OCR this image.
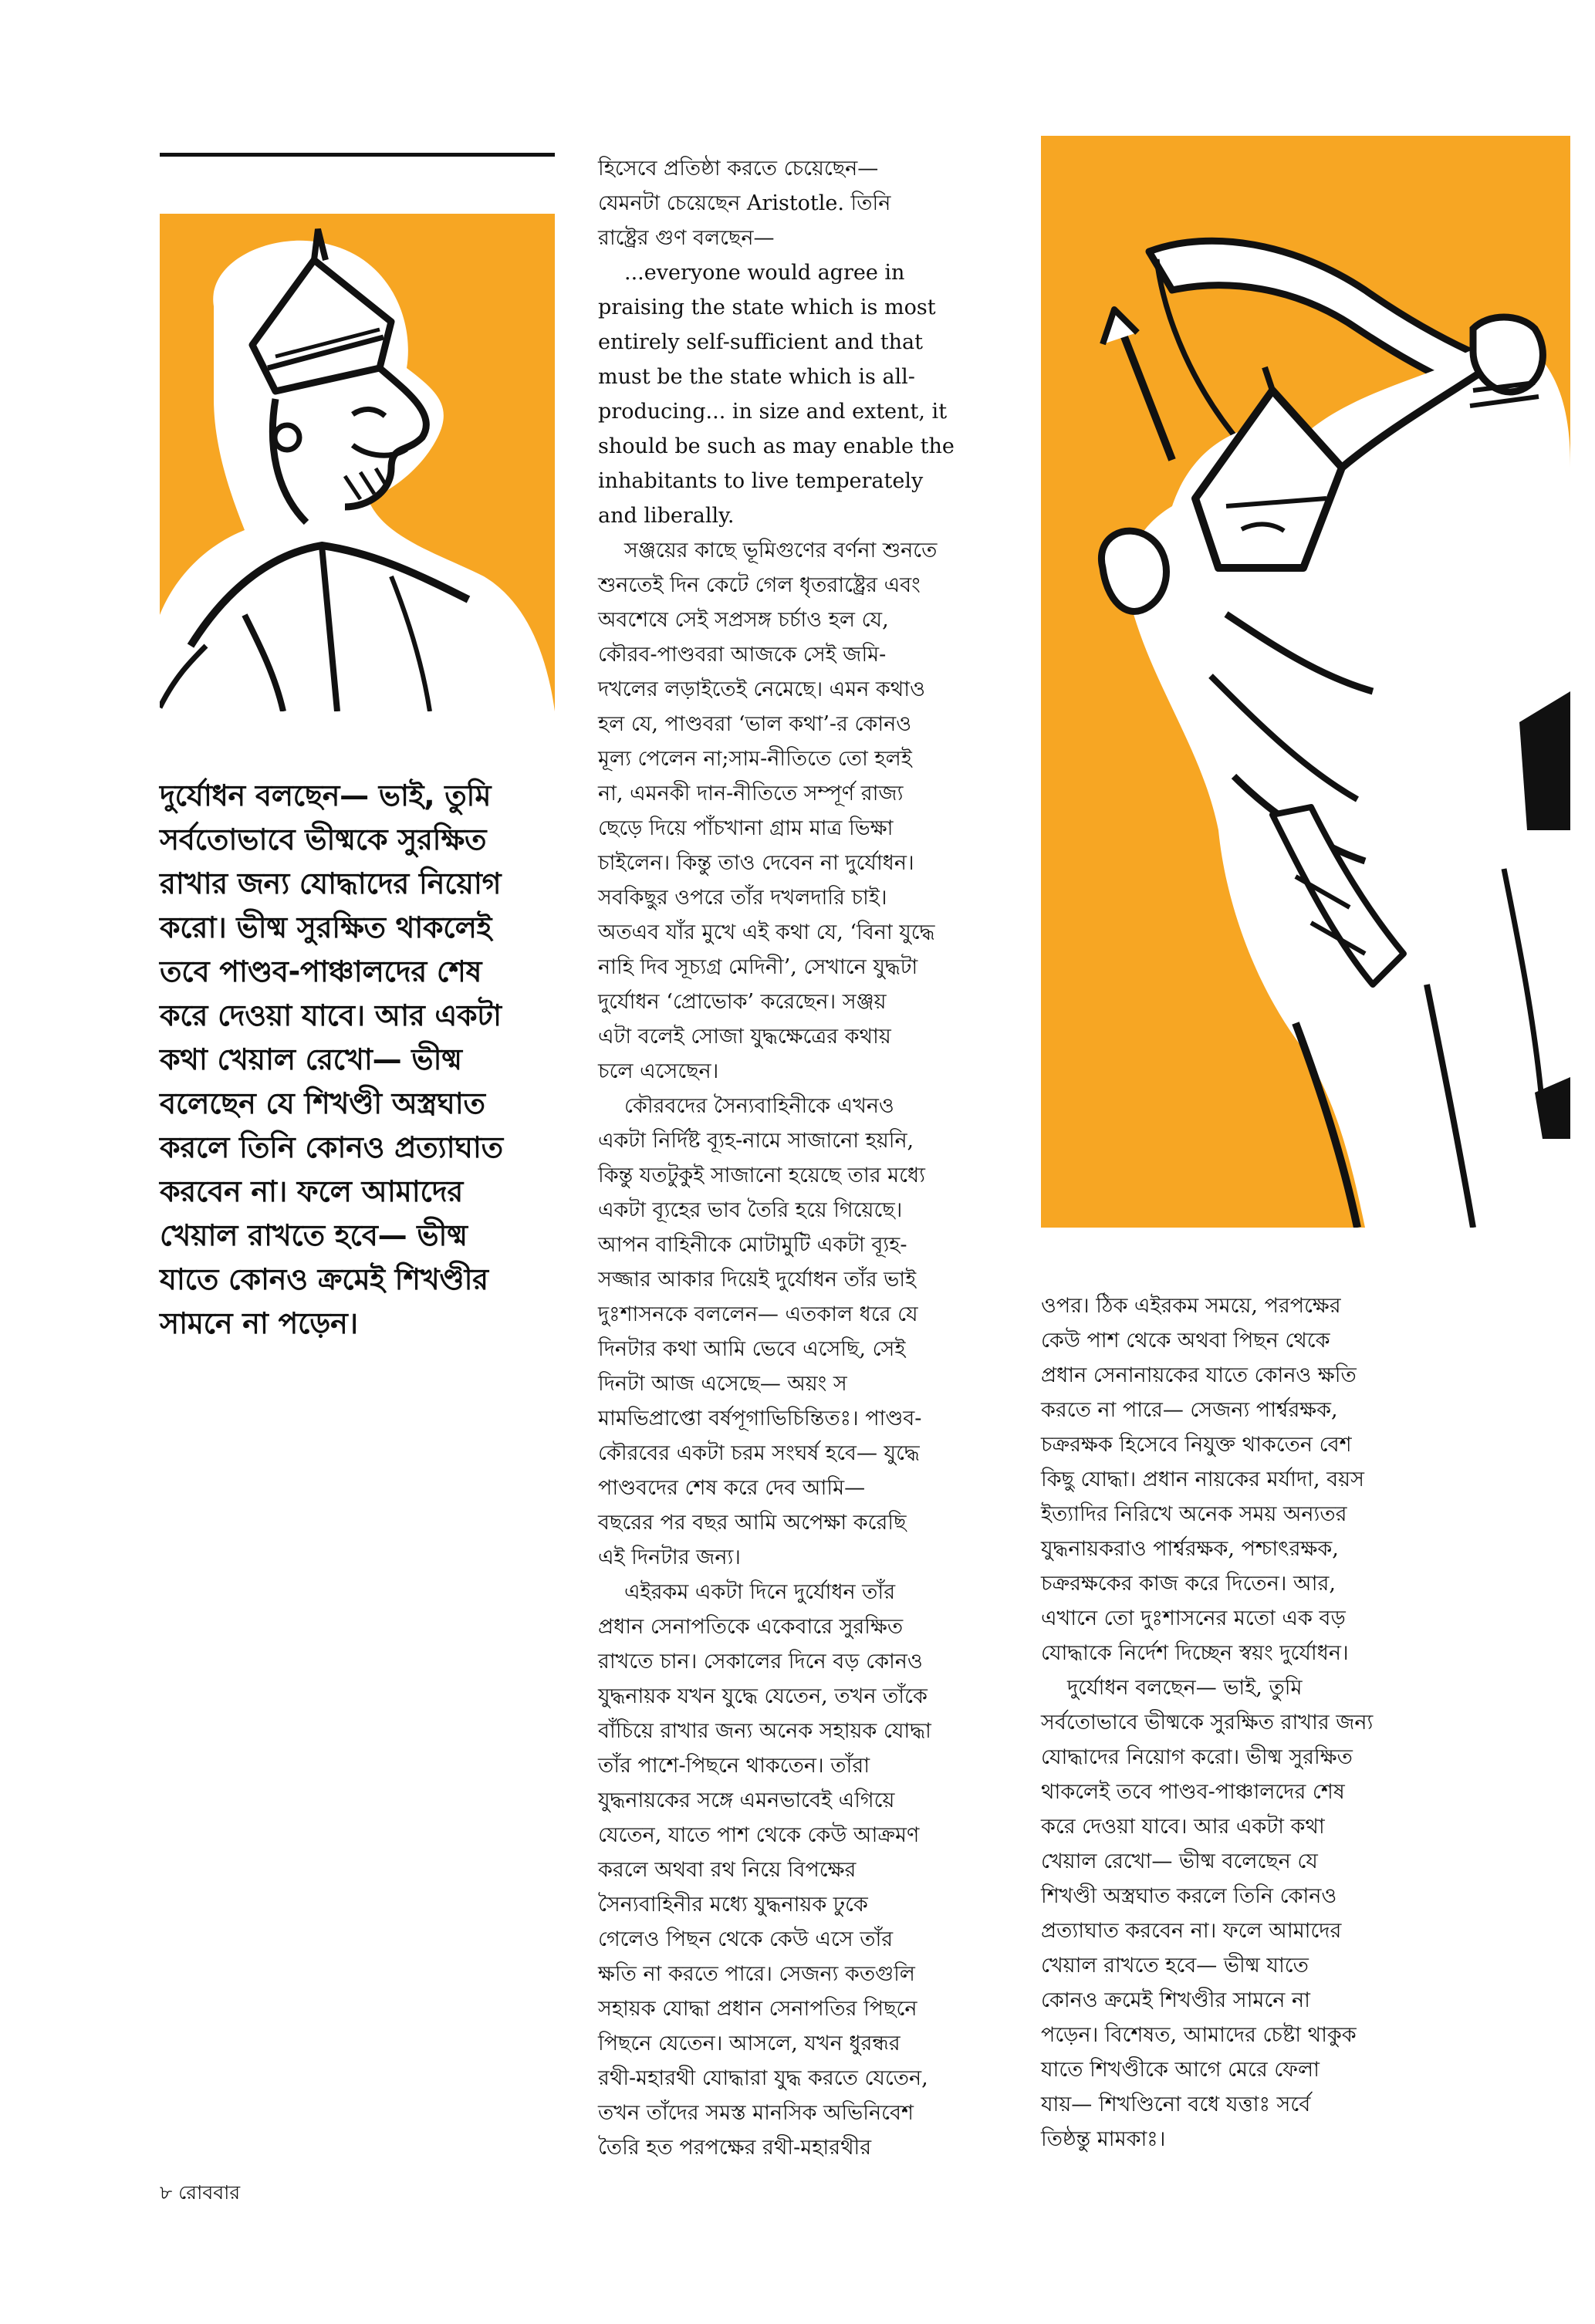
দুর্যোধন বলছেন— ভাই, তুমি
সর্বতোভাবে ভীষ্মকে সুরক্ষিত
রাখার জন্য যোদ্ধাদের নিয়োগ
করো। ভীষ্ম সুরক্ষিত থাকলেই
তবে পাণ্ডব-পাঞ্চালদের শেষ
করে দেওয়া যাবে। আর একটা
কথা খেয়াল রেখো— ভীষ্ম
বলেছেন যে শিখণ্ডী অস্ত্রঘাত
করলে তিনি কোনও প্রত্যাঘাত
করবেন না। ফলে আমাদের
খেয়াল রাখতে হবে— ভীষ্ম
যাতে কোনও ক্রমেই শিখণ্ডীর
সামনে না পড়েন।
হিসেবে প্রতিষ্ঠা করতে চেয়েছেন—
যেমনটা চেয়েছেন Aristotle. তিনি
রাষ্ট্রের গুণ বলছেন—
...everyone would agree in
praising the state which is most
entirely self-sufficient and that
must be the state which is all-
producing... in size and extent, it
should be such as may enable the
inhabitants to live temperately
and liberally.
সঞ্জয়ের কাছে ভূমিগুণের বর্ণনা শুনতে
শুনতেই দিন কেটে গেল ধৃতরাষ্ট্রের এবং
অবশেষে সেই সপ্রসঙ্গ চর্চাও হল যে,
কৌরব-পাণ্ডবরা আজকে সেই জমি-
দখলের লড়াইতেই নেমেছে। এমন কথাও
হল যে, পাণ্ডবরা ‘ভাল কথা’-র কোনও
মূল্য পেলেন না;সাম-নীতিতে তো হলই
না, এমনকী দান-নীতিতে সম্পূর্ণ রাজ্য
ছেড়ে দিয়ে পাঁচখানা গ্রাম মাত্র ভিক্ষা
চাইলেন। কিন্তু তাও দেবেন না দুর্যোধন।
সবকিছুর ওপরে তাঁর দখলদারি চাই।
অতএব যাঁর মুখে এই কথা যে, ‘বিনা যুদ্ধে
নাহি দিব সূচ্যগ্র মেদিনী’, সেখানে যুদ্ধটা
দুর্যোধন ‘প্রোভোক’ করেছেন। সঞ্জয়
এটা বলেই সোজা যুদ্ধক্ষেত্রের কথায়
চলে এসেছেন।
কৌরবদের সৈন্যবাহিনীকে এখনও
একটা নির্দিষ্ট ব্যূহ-নামে সাজানো হয়নি,
কিন্তু যতটুকুই সাজানো হয়েছে তার মধ্যে
একটা ব্যূহের ভাব তৈরি হয়ে গিয়েছে।
আপন বাহিনীকে মোটামুটি একটা ব্যূহ-
সজ্জার আকার দিয়েই দুর্যোধন তাঁর ভাই
দুঃশাসনকে বললেন— এতকাল ধরে যে
দিনটার কথা আমি ভেবে এসেছি, সেই
দিনটা আজ এসেছে— অয়ং স
মামভিপ্রাপ্তো বর্ষপূগাভিচিন্তিতঃ। পাণ্ডব-
কৌরবের একটা চরম সংঘর্ষ হবে— যুদ্ধে
পাণ্ডবদের শেষ করে দেব আমি—
বছরের পর বছর আমি অপেক্ষা করেছি
এই দিনটার জন্য।
এইরকম একটা দিনে দুর্যোধন তাঁর
প্রধান সেনাপতিকে একেবারে সুরক্ষিত
রাখতে চান। সেকালের দিনে বড় কোনও
যুদ্ধনায়ক যখন যুদ্ধে যেতেন, তখন তাঁকে
বাঁচিয়ে রাখার জন্য অনেক সহায়ক যোদ্ধা
তাঁর পাশে-পিছনে থাকতেন। তাঁরা
যুদ্ধনায়কের সঙ্গে এমনভাবেই এগিয়ে
যেতেন, যাতে পাশ থেকে কেউ আক্রমণ
করলে অথবা রথ নিয়ে বিপক্ষের
সৈন্যবাহিনীর মধ্যে যুদ্ধনায়ক ঢুকে
গেলেও পিছন থেকে কেউ এসে তাঁর
ক্ষতি না করতে পারে। সেজন্য কতগুলি
সহায়ক যোদ্ধা প্রধান সেনাপতির পিছনে
পিছনে যেতেন। আসলে, যখন ধুরন্ধর
রথী-মহারথী যোদ্ধারা যুদ্ধ করতে যেতেন,
তখন তাঁদের সমস্ত মানসিক অভিনিবেশ
তৈরি হত পরপক্ষের রথী-মহারথীর
ওপর। ঠিক এইরকম সময়ে, পরপক্ষের
কেউ পাশ থেকে অথবা পিছন থেকে
প্রধান সেনানায়কের যাতে কোনও ক্ষতি
করতে না পারে— সেজন্য পার্শ্বরক্ষক,
চক্ররক্ষক হিসেবে নিযুক্ত থাকতেন বেশ
কিছু যোদ্ধা। প্রধান নায়কের মর্যাদা, বয়স
ইত্যাদির নিরিখে অনেক সময় অন্যতর
যুদ্ধনায়করাও পার্শ্বরক্ষক, পশ্চাৎরক্ষক,
চক্ররক্ষকের কাজ করে দিতেন। আর,
এখানে তো দুঃশাসনের মতো এক বড়
যোদ্ধাকে নির্দেশ দিচ্ছেন স্বয়ং দুর্যোধন।
দুর্যোধন বলছেন— ভাই, তুমি
সর্বতোভাবে ভীষ্মকে সুরক্ষিত রাখার জন্য
যোদ্ধাদের নিয়োগ করো। ভীষ্ম সুরক্ষিত
থাকলেই তবে পাণ্ডব-পাঞ্চালদের শেষ
করে দেওয়া যাবে। আর একটা কথা
খেয়াল রেখো— ভীষ্ম বলেছেন যে
শিখণ্ডী অস্ত্রঘাত করলে তিনি কোনও
প্রত্যাঘাত করবেন না। ফলে আমাদের
খেয়াল রাখতে হবে— ভীষ্ম যাতে
কোনও ক্রমেই শিখণ্ডীর সামনে না
পড়েন। বিশেষত, আমাদের চেষ্টা থাকুক
যাতে শিখণ্ডীকে আগে মেরে ফেলা
যায়— শিখণ্ডিনো বধে যত্তাঃ সর্বে
তিষ্ঠন্তু মামকাঃ।
৮ রোববার
